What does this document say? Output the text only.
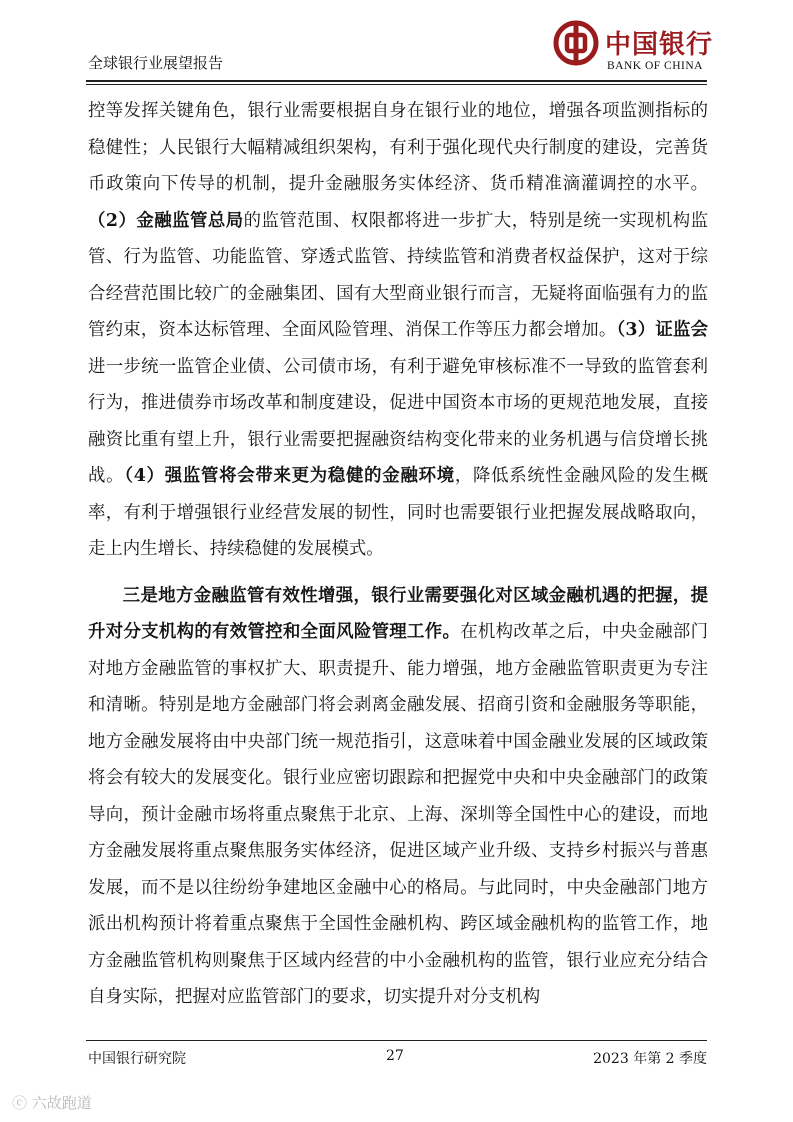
全球银行业展望报告
中国银行
BANK OF CHINA

控等发挥关键角色，银行业需要根据自身在银行业的地位，增强各项监测指标的稳健性；人民银行大幅精减组织架构，有利于强化现代央行制度的建设，完善货币政策向下传导的机制，提升金融服务实体经济、货币精准滴灌调控的水平。（2）金融监管总局的监管范围、权限都将进一步扩大，特别是统一实现机构监管、行为监管、功能监管、穿透式监管、持续监管和消费者权益保护，这对于综合经营范围比较广的金融集团、国有大型商业银行而言，无疑将面临强有力的监管约束，资本达标管理、全面风险管理、消保工作等压力都会增加。（3）证监会进一步统一监管企业债、公司债市场，有利于避免审核标准不一导致的监管套利行为，推进债券市场改革和制度建设，促进中国资本市场的更规范地发展，直接融资比重有望上升，银行业需要把握融资结构变化带来的业务机遇与信贷增长挑战。（4）强监管将会带来更为稳健的金融环境，降低系统性金融风险的发生概率，有利于增强银行业经营发展的韧性，同时也需要银行业把握发展战略取向，走上内生增长、持续稳健的发展模式。

三是地方金融监管有效性增强，银行业需要强化对区域金融机遇的把握，提升对分支机构的有效管控和全面风险管理工作。在机构改革之后，中央金融部门对地方金融监管的事权扩大、职责提升、能力增强，地方金融监管职责更为专注和清晰。特别是地方金融部门将会剥离金融发展、招商引资和金融服务等职能，地方金融发展将由中央部门统一规范指引，这意味着中国金融业发展的区域政策将会有较大的发展变化。银行业应密切跟踪和把握党中央和中央金融部门的政策导向，预计金融市场将重点聚焦于北京、上海、深圳等全国性中心的建设，而地方金融发展将重点聚焦服务实体经济，促进区域产业升级、支持乡村振兴与普惠发展，而不是以往纷纷争建地区金融中心的格局。与此同时，中央金融部门地方派出机构预计将着重点聚焦于全国性金融机构、跨区域金融机构的监管工作，地方金融监管机构则聚焦于区域内经营的中小金融机构的监管，银行业应充分结合自身实际，把握对应监管部门的要求，切实提升对分支机构

中国银行研究院	27	2023 年第 2 季度
ⓒ 六故跑道
